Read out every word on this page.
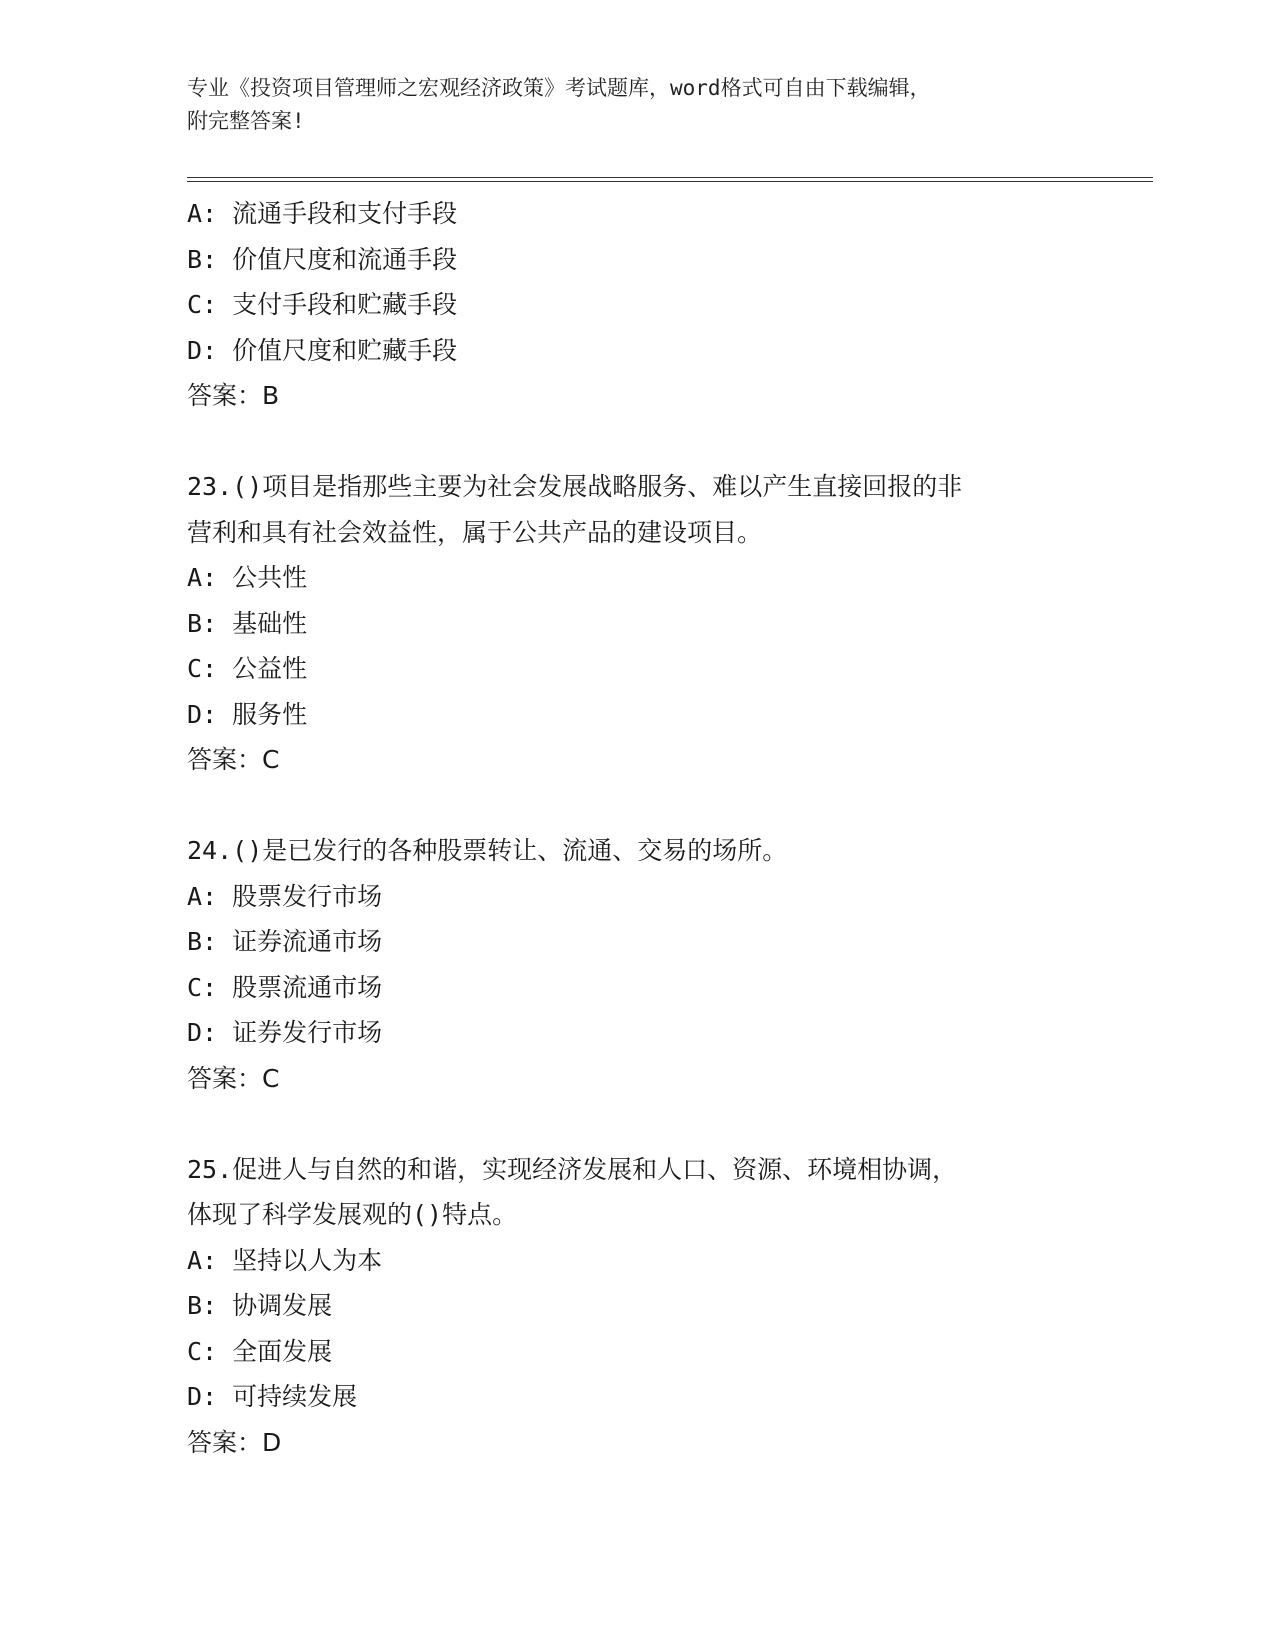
专业《投资项目管理师之宏观经济政策》考试题库，word格式可自由下载编辑，
附完整答案!
A: 流通手段和支付手段
B: 价值尺度和流通手段
C: 支付手段和贮藏手段
D: 价值尺度和贮藏手段
答案：B
23.()项目是指那些主要为社会发展战略服务、难以产生直接回报的非
营利和具有社会效益性，属于公共产品的建设项目。
A: 公共性
B: 基础性
C: 公益性
D: 服务性
答案：C
24.()是已发行的各种股票转让、流通、交易的场所。
A: 股票发行市场
B: 证券流通市场
C: 股票流通市场
D: 证券发行市场
答案：C
25.促进人与自然的和谐，实现经济发展和人口、资源、环境相协调，
体现了科学发展观的()特点。
A: 坚持以人为本
B: 协调发展
C: 全面发展
D: 可持续发展
答案：D
